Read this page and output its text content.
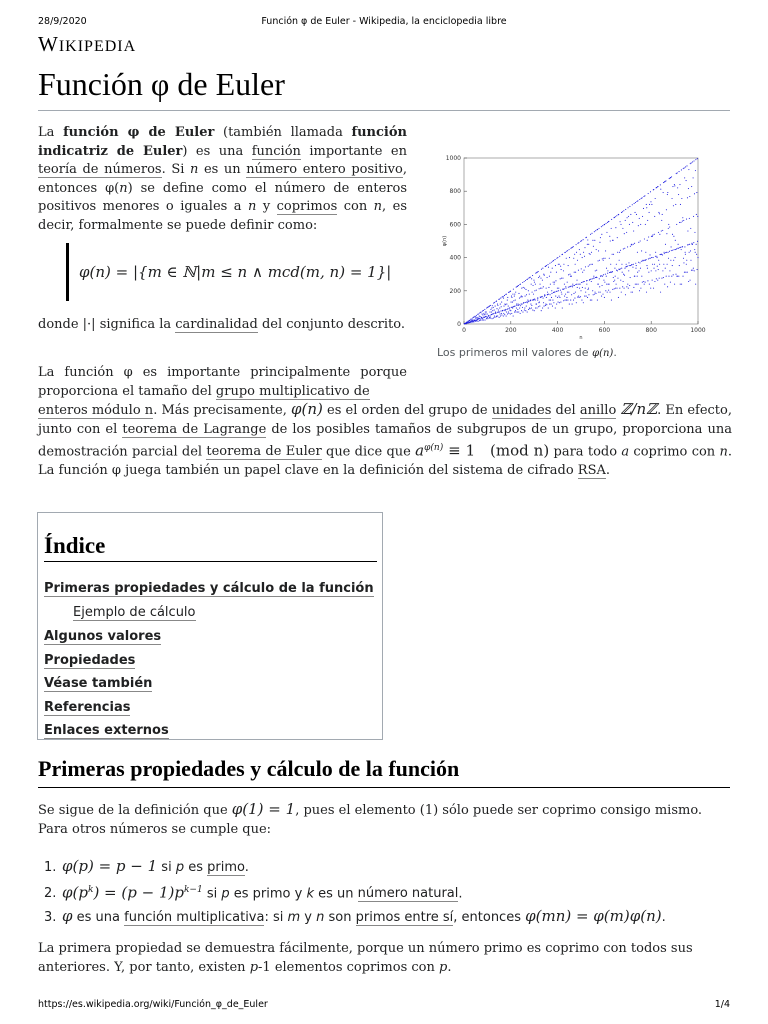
28/9/2020	Función φ de Euler - Wikipedia, la enciclopedia libre
WIKIPEDIA
Función φ de Euler

La función φ de Euler (también llamada función indicatriz de Euler) es una función importante en teoría de números. Si n es un número entero positivo, entonces φ(n) se define como el número de enteros positivos menores o iguales a n y coprimos con n, es decir, formalmente se puede definir como:

φ(n) = |{m ∈ ℕ|m ≤ n ∧ mcd(m, n) = 1}|

donde |·| significa la cardinalidad del conjunto descrito.

La función φ es importante principalmente porque proporciona el tamaño del grupo multiplicativo de

enteros módulo n. Más precisamente, φ(n) es el orden del grupo de unidades del anillo ℤ/nℤ. En efecto, junto con el teorema de Lagrange de los posibles tamaños de subgrupos de un grupo, proporciona una demostración parcial del teorema de Euler que dice que $a^{\varphi(n)} \equiv 1$   (mod n) para todo a coprimo con n. La función φ juega también un papel clave en la definición del sistema de cifrado RSA.

0	200	400	600	800	1000
0
200
400
600
800
1000
n
φ(n)
Los primeros mil valores de φ(n).
Índice
Primeras propiedades y cálculo de la función
Ejemplo de cálculo
Algunos valores
Propiedades
Véase también
Referencias
Enlaces externos
Primeras propiedades y cálculo de la función

Se sigue de la definición que φ(1) = 1, pues el elemento (1) sólo puede ser coprimo consigo mismo. Para otros números se cumple que:

1. φ(p) = p − 1 si p es primo.
2. $\varphi(p^k) = (p - 1)p^{k-1}$ si p es primo y k es un número natural.
3. φ es una función multiplicativa: si m y n son primos entre sí, entonces φ(mn) = φ(m)φ(n).

La primera propiedad se demuestra fácilmente, porque un número primo es coprimo con todos sus anteriores. Y, por tanto, existen p-1 elementos coprimos con p.

https://es.wikipedia.org/wiki/Función_φ_de_Euler	1/4
